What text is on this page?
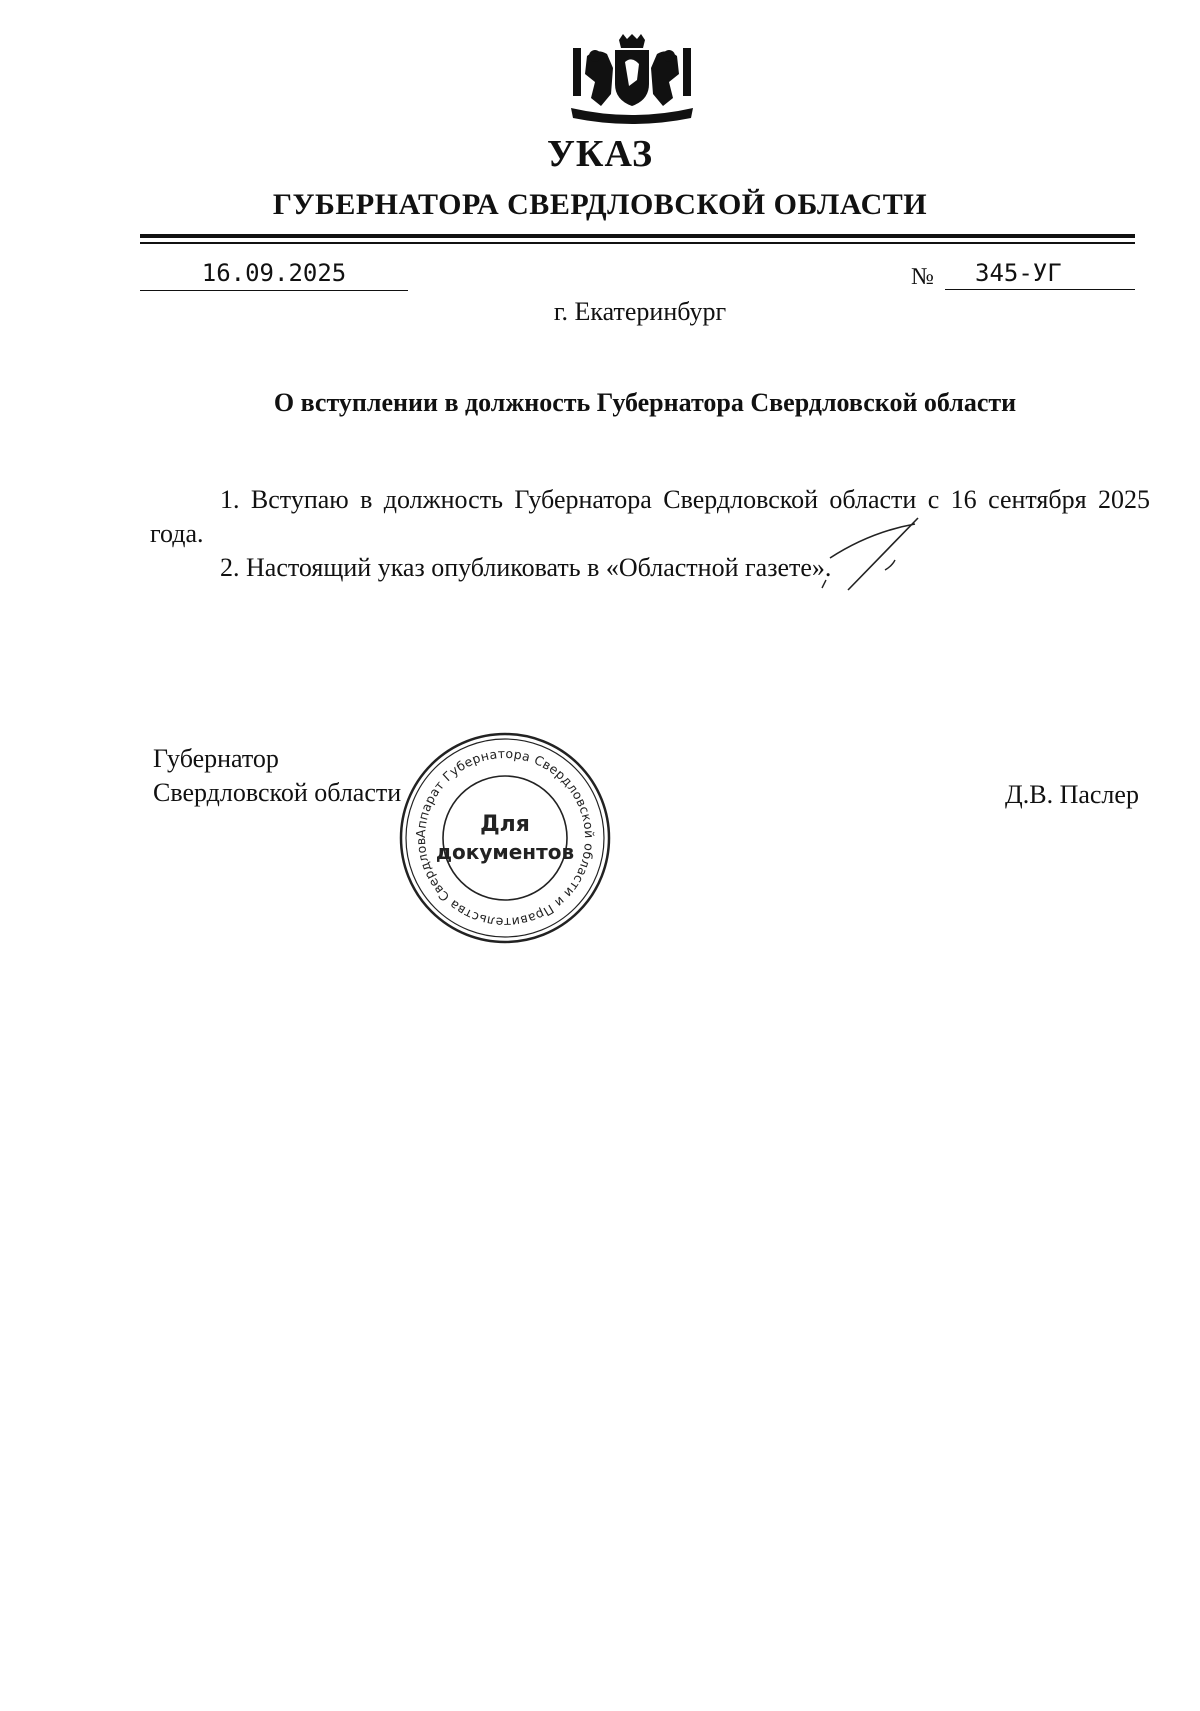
УКАЗ
ГУБЕРНАТОРА СВЕРДЛОВСКОЙ ОБЛАСТИ
16.09.2025	№	345-УГ
г. Екатеринбург
О вступлении в должность Губернатора Свердловской области

1. Вступаю в должность Губернатора Свердловской области с 16 сентября 2025 года.

2. Настоящий указ опубликовать в «Областной газете».

Губернатор
Свердловской области	Д.В. Паслер
Аппарат Губернатора Свердловской области и Правительства Свердлов
Для
документов
